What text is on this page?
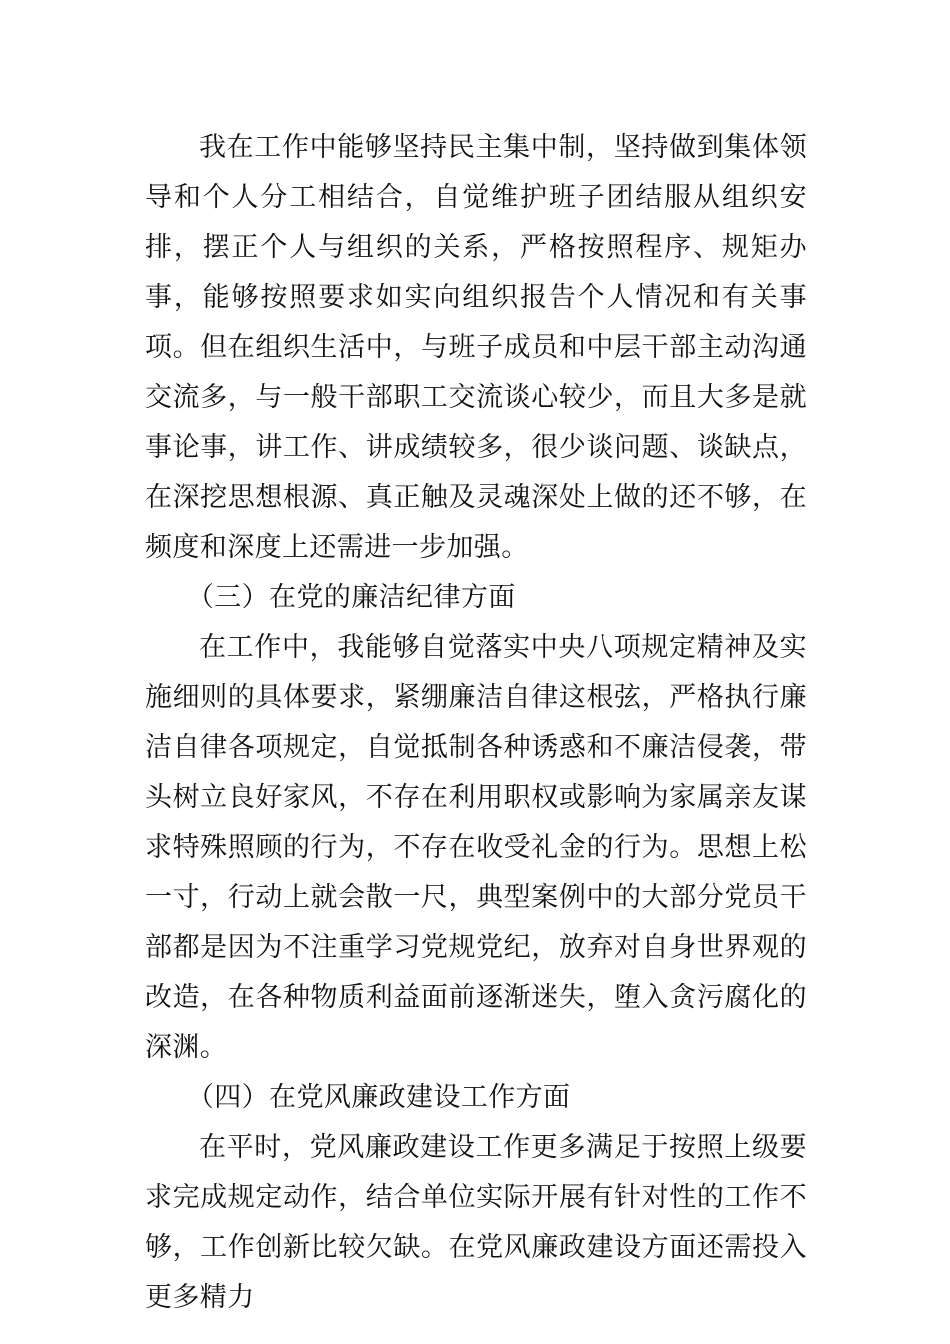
我在工作中能够坚持民主集中制，坚持做到集体领导和个人分工相结合，自觉维护班子团结服从组织安排，摆正个人与组织的关系，严格按照程序、规矩办事，能够按照要求如实向组织报告个人情况和有关事项。但在组织生活中，与班子成员和中层干部主动沟通交流多，与一般干部职工交流谈心较少，而且大多是就事论事，讲工作、讲成绩较多，很少谈问题、谈缺点，在深挖思想根源、真正触及灵魂深处上做的还不够，在频度和深度上还需进一步加强。

（三）在党的廉洁纪律方面

在工作中，我能够自觉落实中央八项规定精神及实施细则的具体要求，紧绷廉洁自律这根弦，严格执行廉洁自律各项规定，自觉抵制各种诱惑和不廉洁侵袭，带头树立良好家风，不存在利用职权或影响为家属亲友谋求特殊照顾的行为，不存在收受礼金的行为。思想上松一寸，行动上就会散一尺，典型案例中的大部分党员干部都是因为不注重学习党规党纪，放弃对自身世界观的改造，在各种物质利益面前逐渐迷失，堕入贪污腐化的深渊。

（四）在党风廉政建设工作方面

在平时，党风廉政建设工作更多满足于按照上级要求完成规定动作，结合单位实际开展有针对性的工作不够，工作创新比较欠缺。在党风廉政建设方面还需投入更多精力
